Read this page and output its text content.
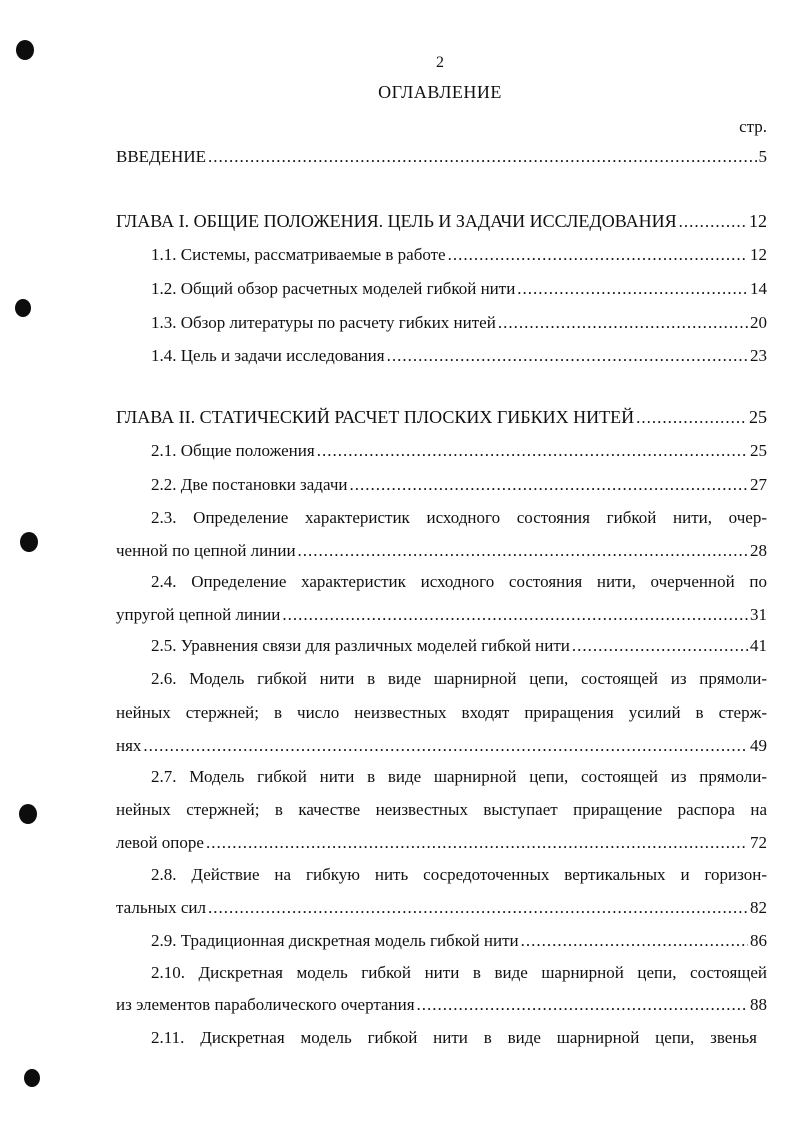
2
ОГЛАВЛЕНИЕ
стр.
ВВЕДЕНИЕ .....	5
ГЛАВА I. ОБЩИЕ ПОЛОЖЕНИЯ. ЦЕЛЬ И ЗАДАЧИ ИССЛЕДОВАНИЯ .....	12
1.1. Системы, рассматриваемые в работе .....	12
1.2. Общий обзор расчетных моделей гибкой нити .....	14
1.3. Обзор литературы по расчету гибких нитей .....	20
1.4. Цель и задачи исследования .....	23
ГЛАВА II. СТАТИЧЕСКИЙ РАСЧЕТ ПЛОСКИХ ГИБКИХ НИТЕЙ .....	25
2.1. Общие положения .....	25
2.2. Две постановки задачи .....	27
2.3. Определение характеристик исходного состояния гибкой нити, очер-
ченной по цепной линии .....	28
2.4. Определение характеристик исходного состояния нити, очерченной по
упругой цепной линии .....	31
2.5. Уравнения связи для различных моделей гибкой нити .....	41
2.6. Модель гибкой нити в виде шарнирной цепи, состоящей из прямоли-
нейных стержней; в число неизвестных входят приращения усилий в стерж-
нях .....	49
2.7. Модель гибкой нити в виде шарнирной цепи, состоящей из прямоли-
нейных стержней; в качестве неизвестных выступает приращение распора на
левой опоре .....	72
2.8. Действие на гибкую нить сосредоточенных вертикальных и горизон-
тальных сил .....	82
2.9. Традиционная дискретная модель гибкой нити .....	86
2.10. Дискретная модель гибкой нити в виде шарнирной цепи, состоящей
из элементов параболического очертания .....	88
2.11. Дискретная модель гибкой нити в виде шарнирной цепи, звенья
